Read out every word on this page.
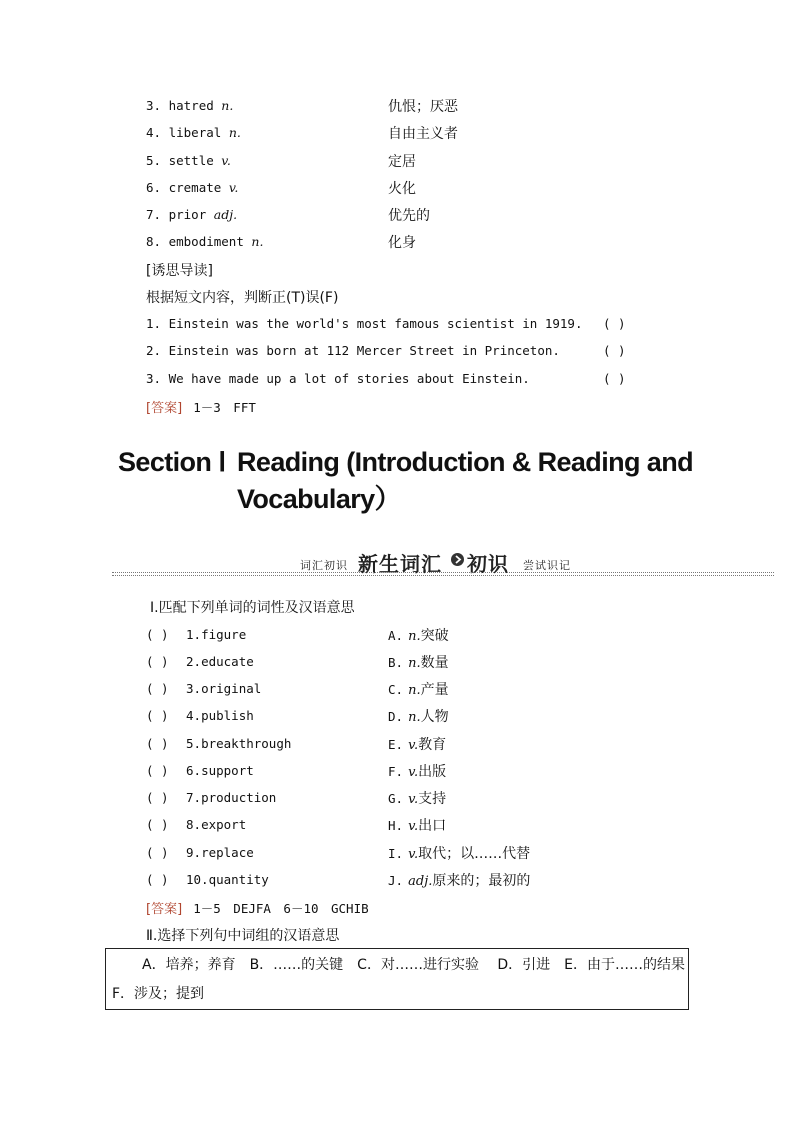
3. hatred n.	仇恨；厌恶
4. liberal n.	自由主义者
5. settle v.	定居
6. cremate v.	火化
7. prior adj.	优先的
8. embodiment n.	化身
[诱思导读]
根据短文内容，判断正(T)误(F)
1. Einstein was the world's most famous scientist in 1919. ( )
2. Einstein was born at 112 Mercer Street in Princeton.	( )
3. We have made up a lot of stories about Einstein.	( )
[答案] 1－3　FFT
Section Ⅰ Reading (Introduction & Reading and
Vocabulary）
词汇初识 新生词汇 初识 尝试识记
Ⅰ.匹配下列单词的词性及汉语意思
( ) 1.figure	A. n.突破
( ) 2.educate	B. n.数量
( ) 3.original	C. n.产量
( ) 4.publish	D. n.人物
( ) 5.breakthrough	E. v.教育
( ) 6.support	F. v.出版
( ) 7.production	G. v.支持
( ) 8.export	H. v.出口
( ) 9.replace	I. v.取代；以……代替
( ) 10.quantity	J. adj.原来的；最初的
[答案] 1－5　DEJFA　6－10　GCHIB
Ⅱ.选择下列句中词组的汉语意思
A．培养；养育　B．……的关键　C．对……进行实验　 D．引进　E．由于……的结果
F．涉及；提到
